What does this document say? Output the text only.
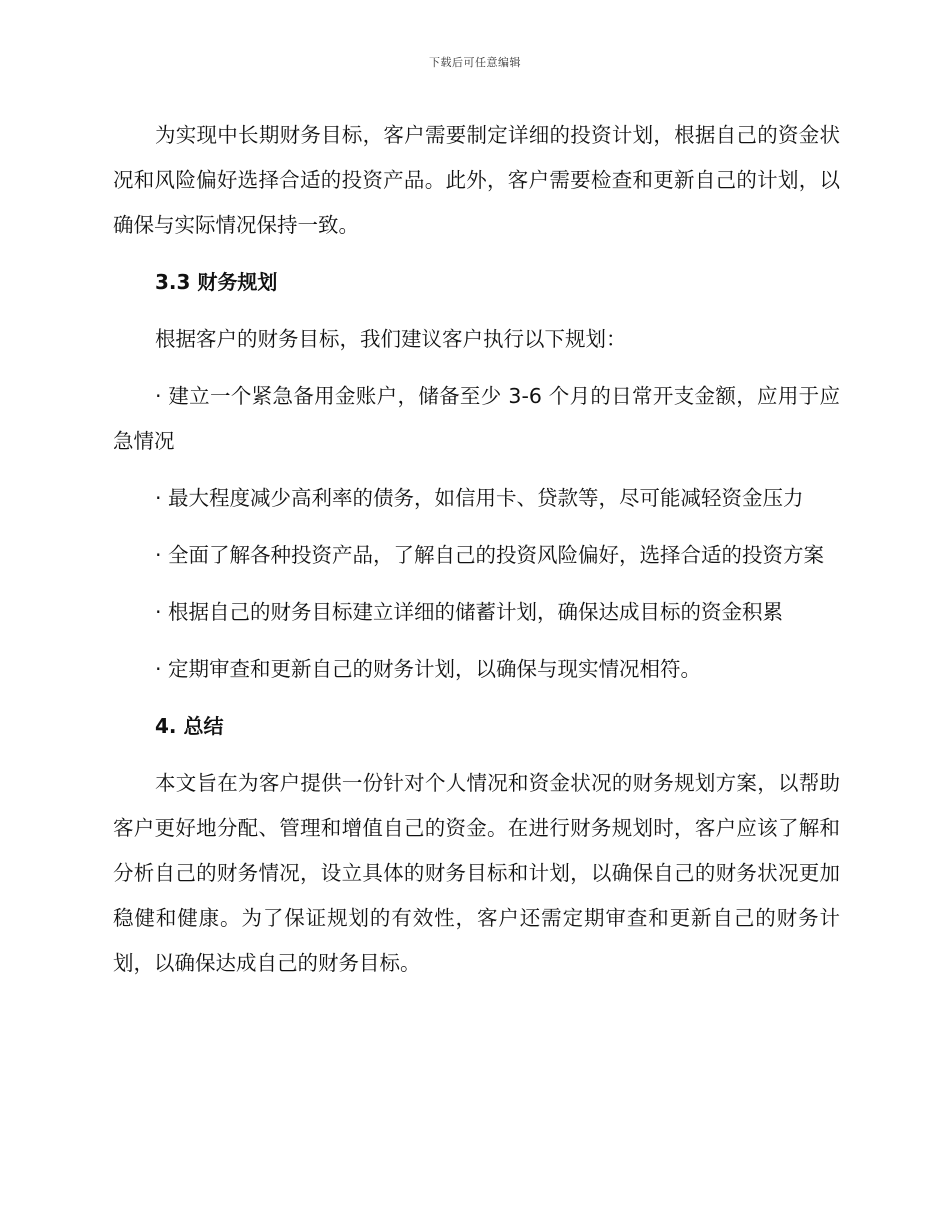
下载后可任意编辑

为实现中长期财务目标，客户需要制定详细的投资计划，根据自己的资金状况和风险偏好选择合适的投资产品。此外，客户需要检查和更新自己的计划，以确保与实际情况保持一致。

3.3 财务规划

根据客户的财务目标，我们建议客户执行以下规划：

· 建立一个紧急备用金账户，储备至少 3-6 个月的日常开支金额，应用于应急情况

· 最大程度减少高利率的债务，如信用卡、贷款等，尽可能减轻资金压力

· 全面了解各种投资产品，了解自己的投资风险偏好，选择合适的投资方案

· 根据自己的财务目标建立详细的储蓄计划，确保达成目标的资金积累

· 定期审查和更新自己的财务计划，以确保与现实情况相符。

4. 总结

本文旨在为客户提供一份针对个人情况和资金状况的财务规划方案，以帮助客户更好地分配、管理和增值自己的资金。在进行财务规划时，客户应该了解和分析自己的财务情况，设立具体的财务目标和计划，以确保自己的财务状况更加稳健和健康。为了保证规划的有效性，客户还需定期审查和更新自己的财务计划，以确保达成自己的财务目标。
